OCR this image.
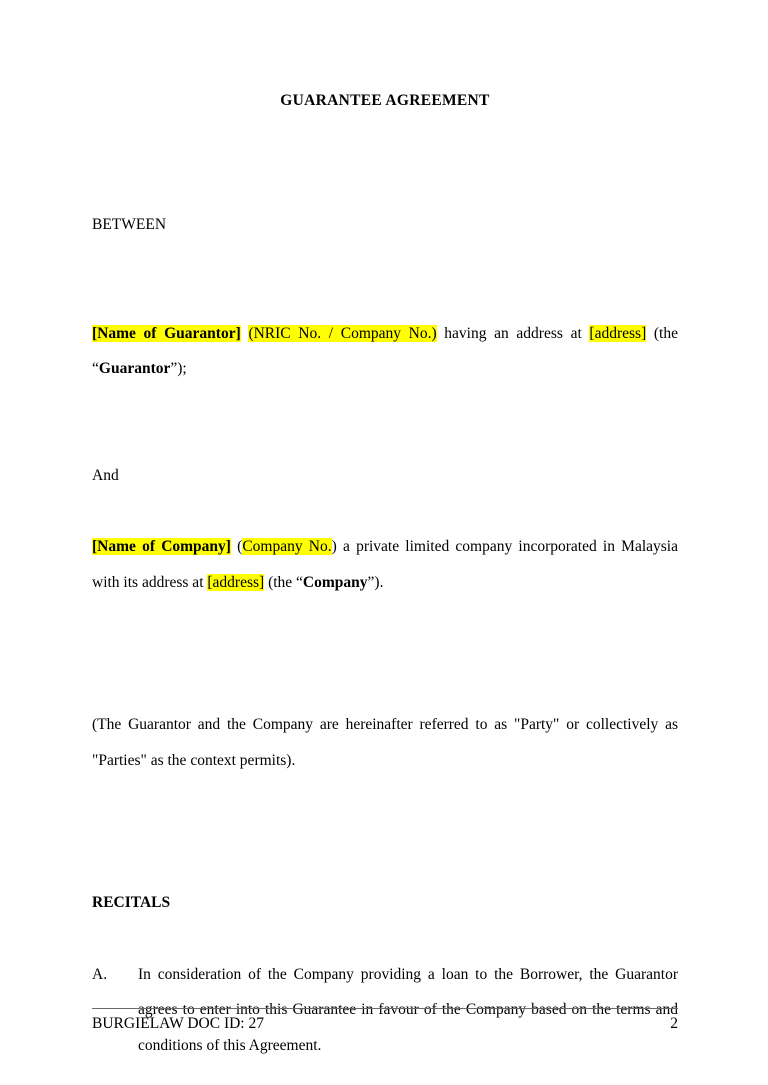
GUARANTEE AGREEMENT
BETWEEN
[Name of Guarantor] (NRIC No. / Company No.) having an address at [address] (the “Guarantor”);
And
[Name of Company] (Company No.) a private limited company incorporated in Malaysia with its address at [address] (the “Company”).
(The Guarantor and the Company are hereinafter referred to as "Party" or collectively as "Parties" as the context permits).
RECITALS
A.	In consideration of the Company providing a loan to the Borrower, the Guarantor agrees to enter into this Guarantee in favour of the Company based on the terms and conditions of this Agreement.
BURGIELAW DOC ID: 27	2
